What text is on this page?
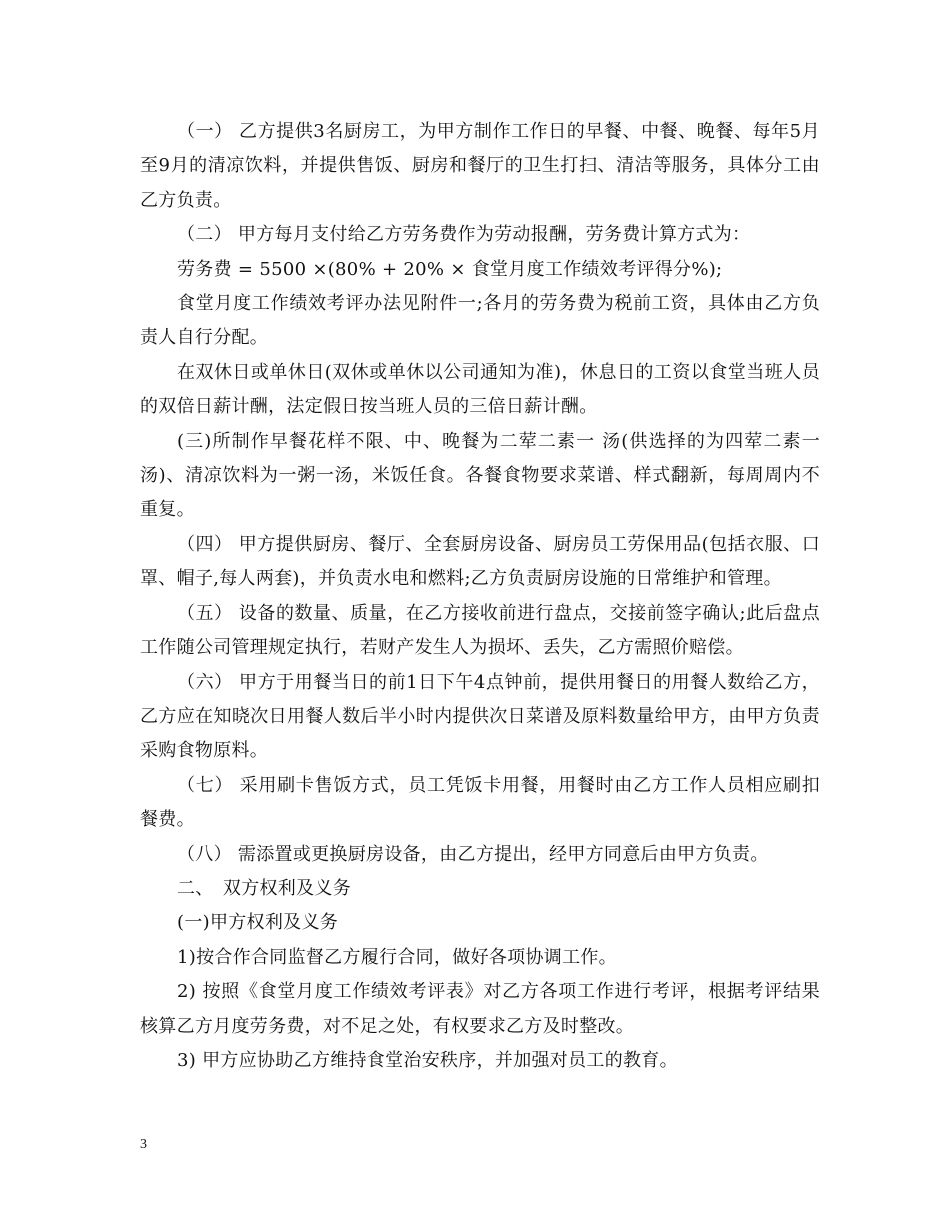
（一） 乙方提供3名厨房工，为甲方制作工作日的早餐、中餐、晚餐、每年5月至9月的清凉饮料，并提供售饭、厨房和餐厅的卫生打扫、清洁等服务，具体分工由乙方负责。

（二） 甲方每月支付给乙方劳务费作为劳动报酬，劳务费计算方式为：

劳务费 = 5500 ×(80% + 20% × 食堂月度工作绩效考评得分%);

食堂月度工作绩效考评办法见附件一;各月的劳务费为税前工资，具体由乙方负责人自行分配。

在双休日或单休日(双休或单休以公司通知为准)，休息日的工资以食堂当班人员的双倍日薪计酬，法定假日按当班人员的三倍日薪计酬。

(三)所制作早餐花样不限、中、晚餐为二荤二素一 汤(供选择的为四荤二素一汤)、清凉饮料为一粥一汤，米饭任食。各餐食物要求菜谱、样式翻新，每周周内不重复。

（四） 甲方提供厨房、餐厅、全套厨房设备、厨房员工劳保用品(包括衣服、口罩、帽子,每人两套)，并负责水电和燃料;乙方负责厨房设施的日常维护和管理。

（五） 设备的数量、质量，在乙方接收前进行盘点，交接前签字确认;此后盘点工作随公司管理规定执行，若财产发生人为损坏、丢失，乙方需照价赔偿。

（六） 甲方于用餐当日的前1日下午4点钟前，提供用餐日的用餐人数给乙方，乙方应在知晓次日用餐人数后半小时内提供次日菜谱及原料数量给甲方，由甲方负责采购食物原料。

（七） 采用刷卡售饭方式，员工凭饭卡用餐，用餐时由乙方工作人员相应刷扣餐费。

（八） 需添置或更换厨房设备，由乙方提出，经甲方同意后由甲方负责。

二、　双方权利及义务

(一)甲方权利及义务

1)按合作合同监督乙方履行合同，做好各项协调工作。

2) 按照《食堂月度工作绩效考评表》对乙方各项工作进行考评，根据考评结果核算乙方月度劳务费，对不足之处，有权要求乙方及时整改。

3) 甲方应协助乙方维持食堂治安秩序，并加强对员工的教育。

3
